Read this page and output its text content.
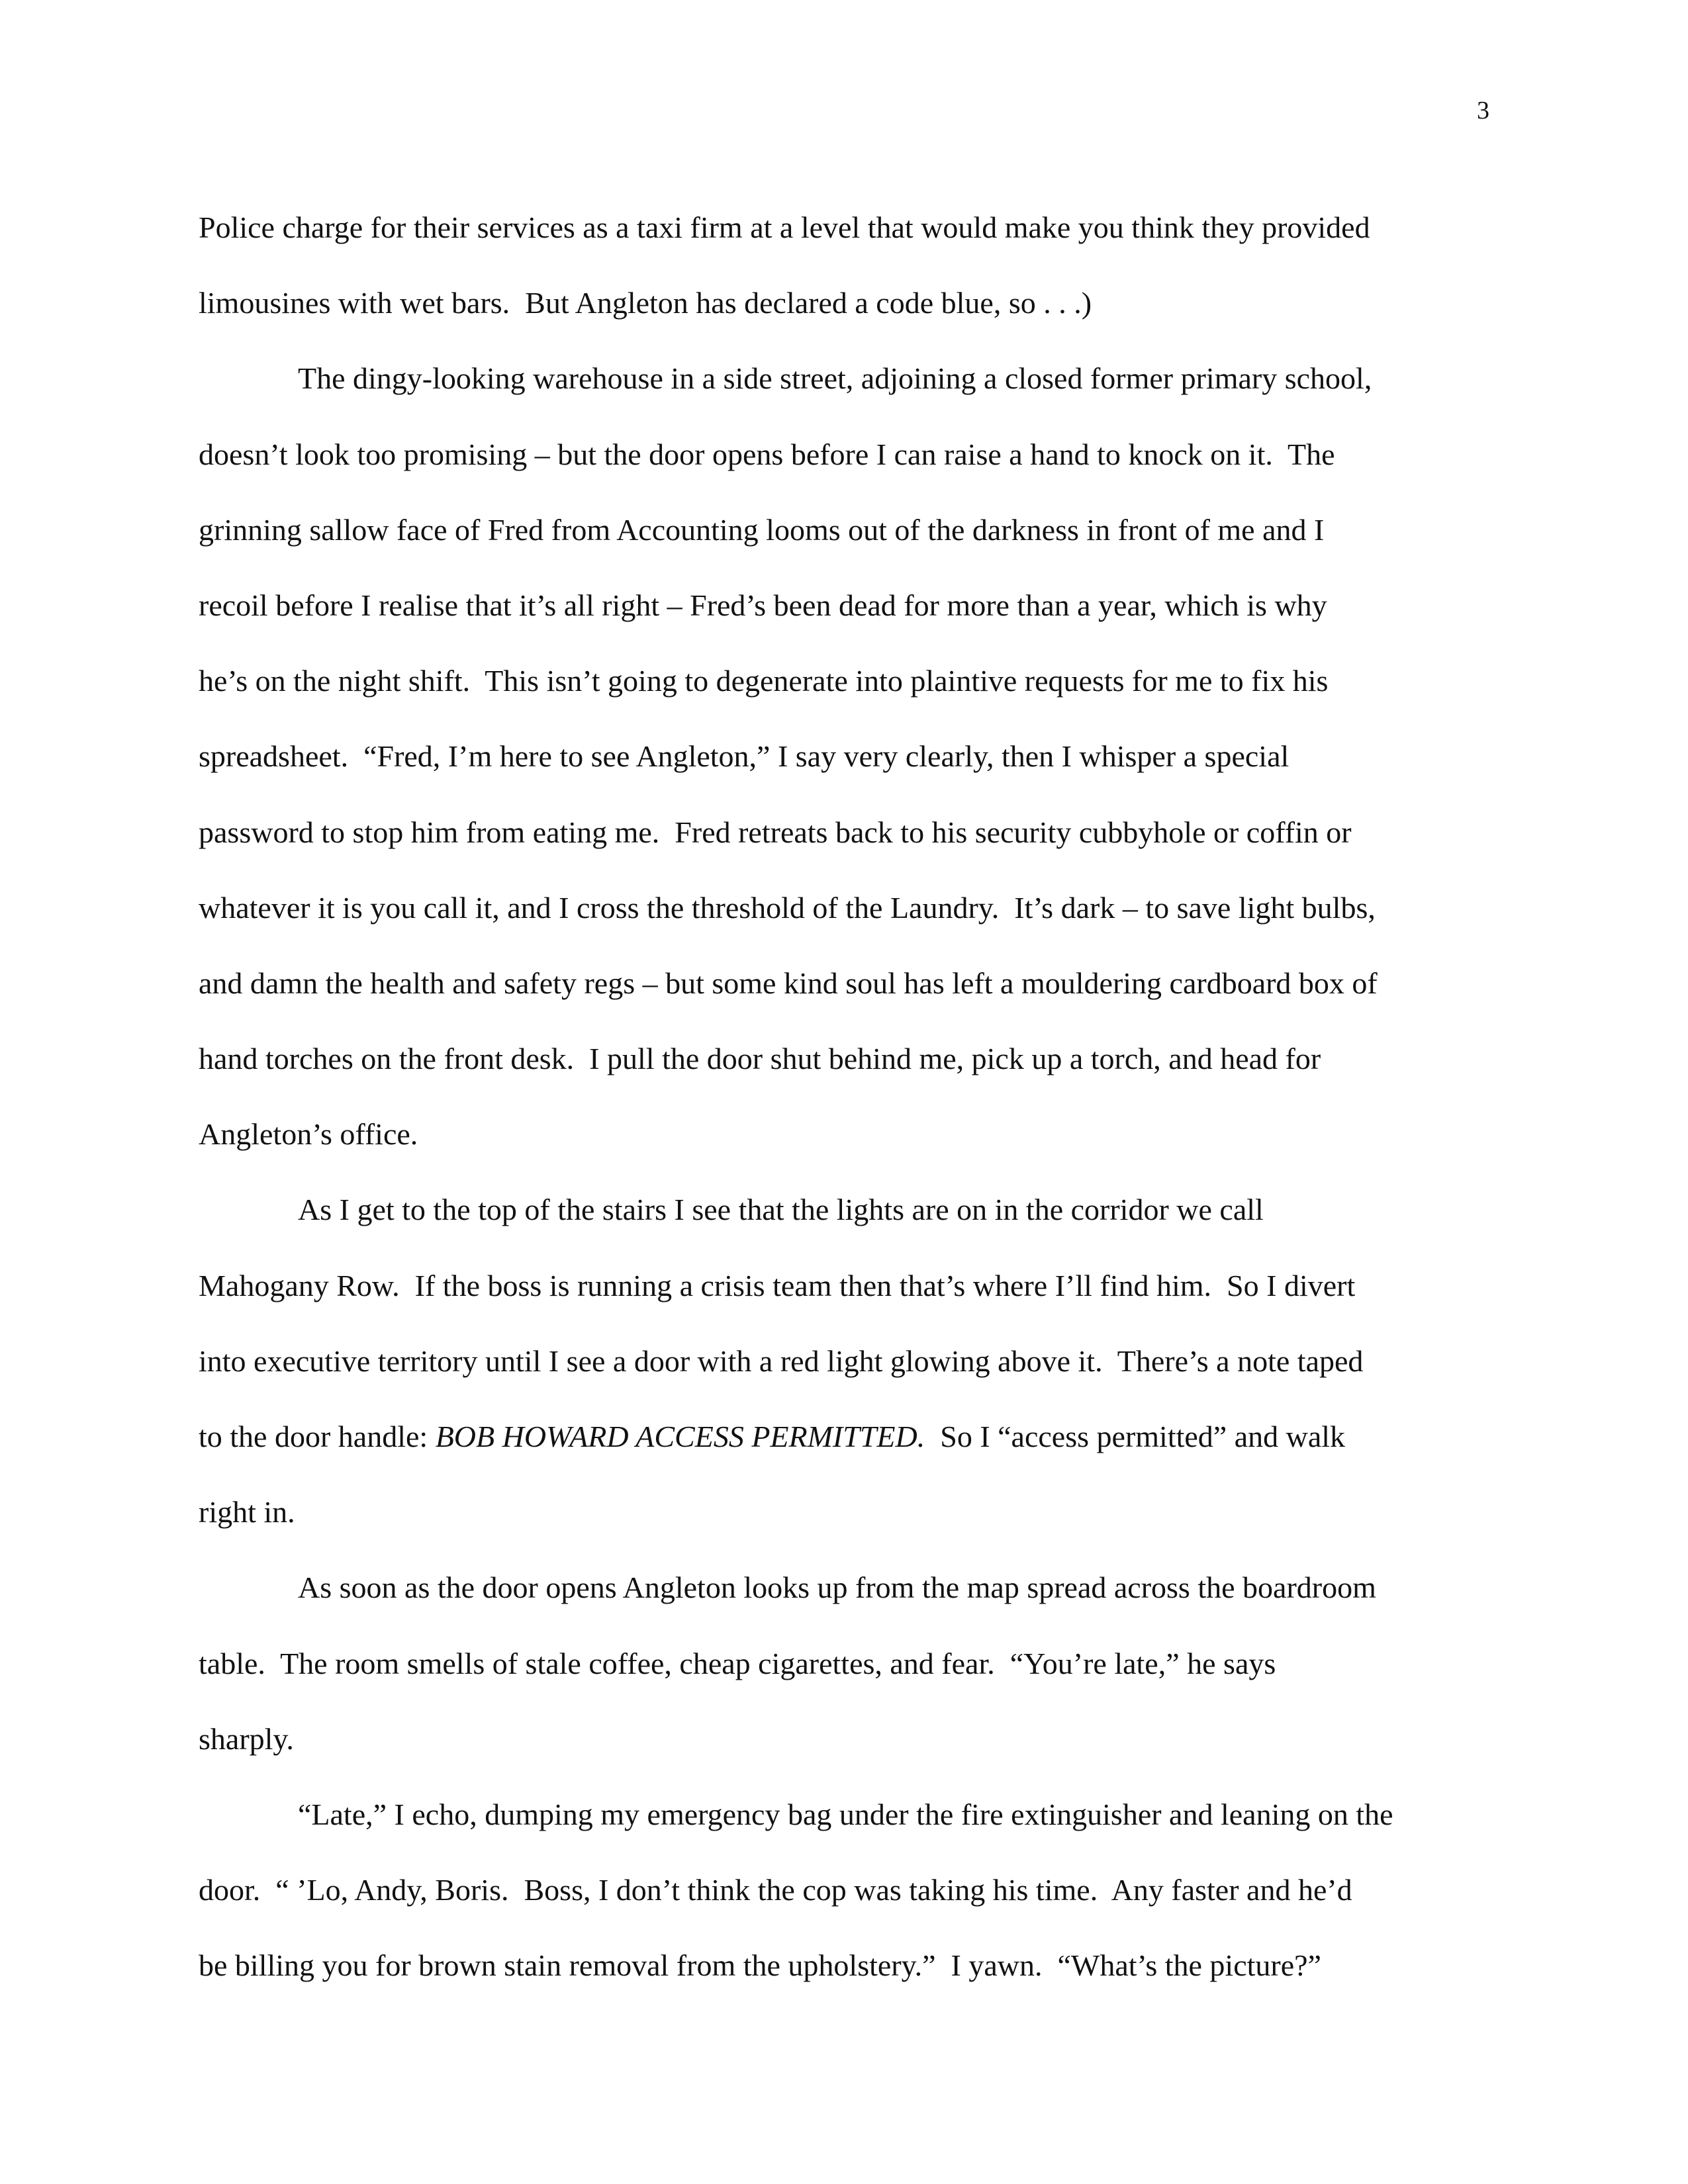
3
Police charge for their services as a taxi firm at a level that would make you think they provided
limousines with wet bars.  But Angleton has declared a code blue, so . . .)
The dingy-looking warehouse in a side street, adjoining a closed former primary school,
doesn’t look too promising – but the door opens before I can raise a hand to knock on it.  The
grinning sallow face of Fred from Accounting looms out of the darkness in front of me and I
recoil before I realise that it’s all right – Fred’s been dead for more than a year, which is why
he’s on the night shift.  This isn’t going to degenerate into plaintive requests for me to fix his
spreadsheet.  “Fred, I’m here to see Angleton,” I say very clearly, then I whisper a special
password to stop him from eating me.  Fred retreats back to his security cubbyhole or coffin or
whatever it is you call it, and I cross the threshold of the Laundry.  It’s dark – to save light bulbs,
and damn the health and safety regs – but some kind soul has left a mouldering cardboard box of
hand torches on the front desk.  I pull the door shut behind me, pick up a torch, and head for
Angleton’s office.
As I get to the top of the stairs I see that the lights are on in the corridor we call
Mahogany Row.  If the boss is running a crisis team then that’s where I’ll find him.  So I divert
into executive territory until I see a door with a red light glowing above it.  There’s a note taped
to the door handle: BOB HOWARD ACCESS PERMITTED.  So I “access permitted” and walk
right in.
As soon as the door opens Angleton looks up from the map spread across the boardroom
table.  The room smells of stale coffee, cheap cigarettes, and fear.  “You’re late,” he says
sharply.
“Late,” I echo, dumping my emergency bag under the fire extinguisher and leaning on the
door.  “ ’Lo, Andy, Boris.  Boss, I don’t think the cop was taking his time.  Any faster and he’d
be billing you for brown stain removal from the upholstery.”  I yawn.  “What’s the picture?”
